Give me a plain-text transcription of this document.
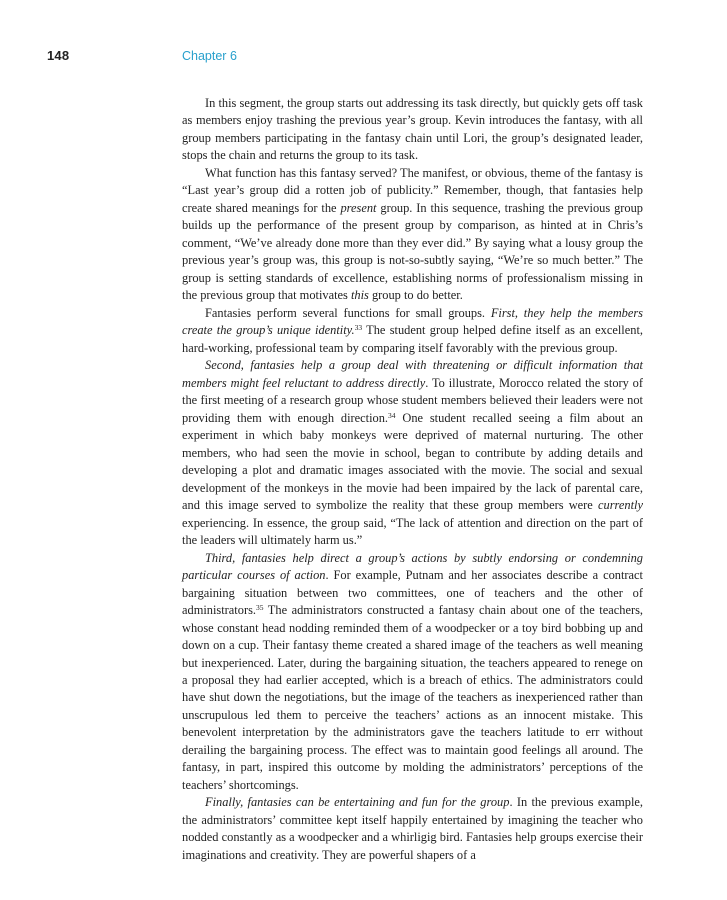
148	Chapter 6

In this segment, the group starts out addressing its task directly, but quickly gets off task as members enjoy trashing the previous year’s group. Kevin introduces the fantasy, with all group members participating in the fantasy chain until Lori, the group’s designated leader, stops the chain and returns the group to its task.

What function has this fantasy served? The manifest, or obvious, theme of the fantasy is “Last year’s group did a rotten job of publicity.” Remember, though, that fantasies help create shared meanings for the present group. In this sequence, trashing the previous group builds up the performance of the present group by comparison, as hinted at in Chris’s comment, “We’ve already done more than they ever did.” By saying what a lousy group the previous year’s group was, this group is not-so-subtly saying, “We’re so much better.” The group is setting standards of excellence, establishing norms of professionalism missing in the previous group that motivates this group to do better.

Fantasies perform several functions for small groups. First, they help the members create the group’s unique identity.$^{33}$ The student group helped define itself as an excellent, hard-working, professional team by comparing itself favorably with the previous group.

Second, fantasies help a group deal with threatening or difficult information that members might feel reluctant to address directly. To illustrate, Morocco related the story of the first meeting of a research group whose student members believed their leaders were not providing them with enough direction.$^{34}$ One student recalled seeing a film about an experiment in which baby monkeys were deprived of maternal nurturing. The other members, who had seen the movie in school, began to contribute by adding details and developing a plot and dramatic images associated with the movie. The social and sexual development of the monkeys in the movie had been impaired by the lack of parental care, and this image served to symbolize the reality that these group members were currently experiencing. In essence, the group said, “The lack of attention and direction on the part of the leaders will ultimately harm us.”

Third, fantasies help direct a group’s actions by subtly endorsing or condemning particular courses of action. For example, Putnam and her associates describe a contract bargaining situation between two committees, one of teachers and the other of administrators.$^{35}$ The administrators constructed a fantasy chain about one of the teachers, whose constant head nodding reminded them of a woodpecker or a toy bird bobbing up and down on a cup. Their fantasy theme created a shared image of the teachers as well meaning but inexperienced. Later, during the bargaining situation, the teachers appeared to renege on a proposal they had earlier accepted, which is a breach of ethics. The administrators could have shut down the negotiations, but the image of the teachers as inexperienced rather than unscrupulous led them to perceive the teachers’ actions as an innocent mistake. This benevolent interpretation by the administrators gave the teachers latitude to err without derailing the bargaining process. The effect was to maintain good feelings all around. The fantasy, in part, inspired this outcome by molding the administrators’ perceptions of the teachers’ shortcomings.

Finally, fantasies can be entertaining and fun for the group. In the previous example, the administrators’ committee kept itself happily entertained by imagining the teacher who nodded constantly as a woodpecker and a whirligig bird. Fantasies help groups exercise their imaginations and creativity. They are powerful shapers of a
